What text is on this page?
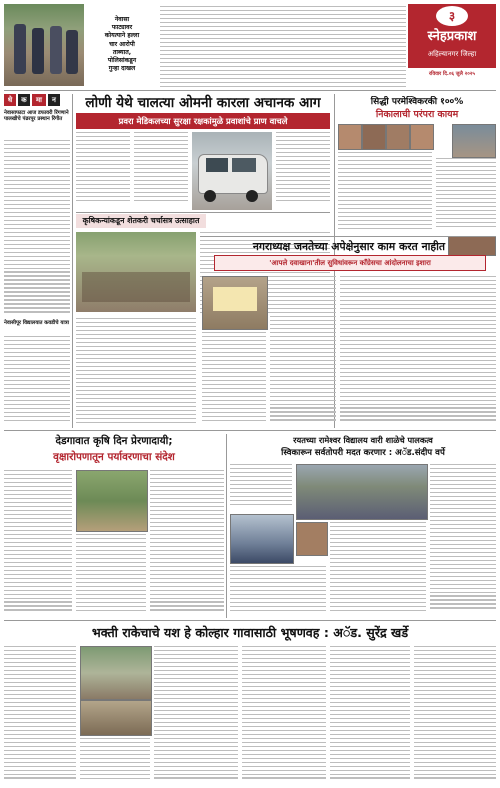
नेवासा
फाट्यावर
कोयत्याने हल्ला
चार आरोपी
ताब्यात,
पोलिसांकडून
गुन्हा दाखल
३
स्नेहप्रकाश
अहिल्यानगर जिल्हा
रविवार दि.०६ जुलै २०२५
धे	क	मा	न
नेवासाफाटा आज डफावरी रिंगणाने पालखीचे पंढरपूर प्रस्थान रिंगीत
नेवासीपूर विद्यालयात कवडीचे यात्रा
लोणी येथे चालत्या ओमनी कारला अचानक आग
प्रवरा मेडिकलच्या सुरक्षा रक्षकांमुळे प्रवाशांचे प्राण वाचले
सिद्धी परमेश्विकरकी १००%
निकालाची परंपरा कायम
कृषिकन्यांकडून शेतकरी चर्चासत्र उत्साहात
नगराध्यक्ष जनतेच्या अपेक्षेनुसार काम करत नाहीत
'आपले दवाखाना'तील सुविधांवरून काँग्रेसचा आंदोलनाचा इशारा
देडगावात कृषि दिन प्रेरणादायी;
वृक्षारोपणातून पर्यावरणाचा संदेश
रयतच्या रामेश्वर विद्यालय वारी शाळेचे पालकत्व
स्विकारून सर्वतोपरी मदत करणार : अॅड.संदीप वर्पे
भक्ती राकेचाचे यश हे कोल्हार गावासाठी भूषणवह : अॅड. सुरेंद्र खर्डे
